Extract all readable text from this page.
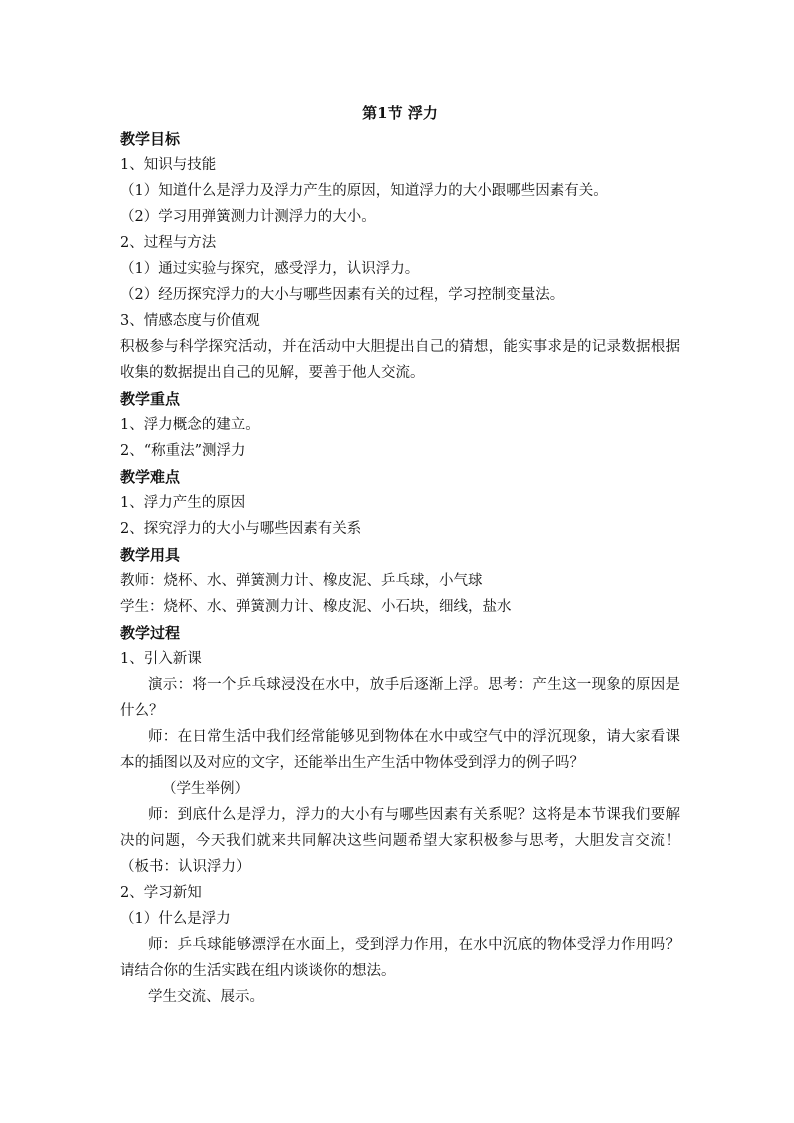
第1节 浮力

教学目标

1、知识与技能

（1）知道什么是浮力及浮力产生的原因，知道浮力的大小跟哪些因素有关。

（2）学习用弹簧测力计测浮力的大小。

2、过程与方法

（1）通过实验与探究，感受浮力，认识浮力。

（2）经历探究浮力的大小与哪些因素有关的过程，学习控制变量法。

3、情感态度与价值观

积极参与科学探究活动，并在活动中大胆提出自己的猜想，能实事求是的记录数据根据收集的数据提出自己的见解，要善于他人交流。

教学重点

1、浮力概念的建立。

2、“称重法”测浮力

教学难点

1、浮力产生的原因

2、探究浮力的大小与哪些因素有关系

教学用具

教师：烧杯、水、弹簧测力计、橡皮泥、乒乓球，小气球

学生：烧杯、水、弹簧测力计、橡皮泥、小石块，细线，盐水

教学过程

1、引入新课

演示：将一个乒乓球浸没在水中，放手后逐渐上浮。思考：产生这一现象的原因是什么？

师：在日常生活中我们经常能够见到物体在水中或空气中的浮沉现象，请大家看课本的插图以及对应的文字，还能举出生产生活中物体受到浮力的例子吗？

（学生举例）

师：到底什么是浮力，浮力的大小有与哪些因素有关系呢？这将是本节课我们要解决的问题，今天我们就来共同解决这些问题希望大家积极参与思考，大胆发言交流！（板书：认识浮力）

2、学习新知

（1）什么是浮力

师：乒乓球能够漂浮在水面上，受到浮力作用，在水中沉底的物体受浮力作用吗？请结合你的生活实践在组内谈谈你的想法。

学生交流、展示。
